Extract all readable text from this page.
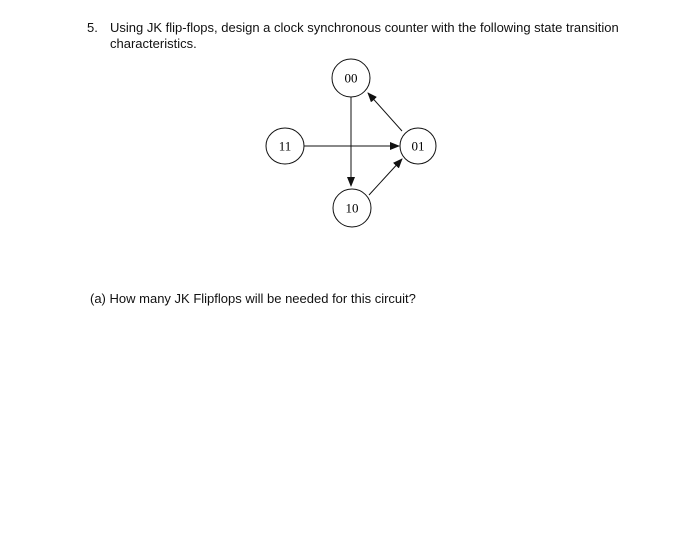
5. Using JK flip-flops, design a clock synchronous counter with the following state transition characteristics.
00
11	01
10
(a) How many JK Flipflops will be needed for this circuit?
